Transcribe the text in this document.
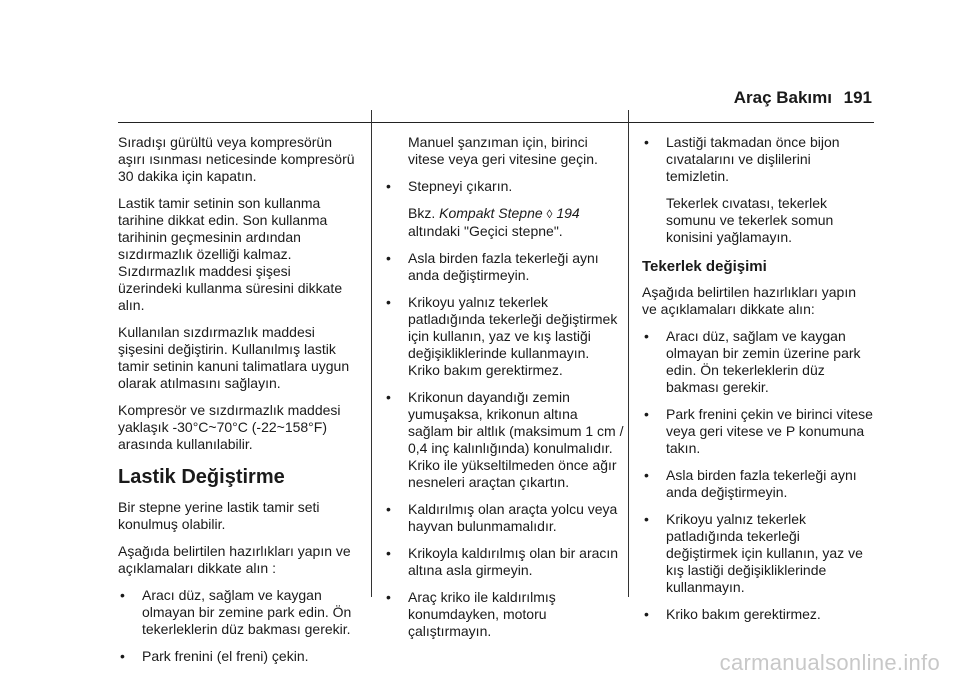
Araç Bakımı 191

Sıradışı gürültü veya kompresörün aşırı ısınması neticesinde kompresörü 30 dakika için kapatın.

Lastik tamir setinin son kullanma tarihine dikkat edin. Son kullanma tarihinin geçmesinin ardından sızdırmazlık özelliği kalmaz. Sızdırmazlık maddesi şişesi üzerindeki kullanma süresini dikkate alın.

Kullanılan sızdırmazlık maddesi şişesini değiştirin. Kullanılmış lastik tamir setinin kanuni talimatlara uygun olarak atılmasını sağlayın.

Kompresör ve sızdırmazlık maddesi yaklaşık -30°C~70°C (-22~158°F) arasında kullanılabilir.

Lastik Değiştirme

Bir stepne yerine lastik tamir seti konulmuş olabilir.

Aşağıda belirtilen hazırlıkları yapın ve açıklamaları dikkate alın :

• Aracı düz, sağlam ve kaygan olmayan bir zemine park edin. Ön tekerleklerin düz bakması gerekir.
• Park frenini (el freni) çekin.
Manuel şanzıman için, birinci vitese veya geri vitesine geçin.
• Stepneyi çıkarın.
Bkz. Kompakt Stepne ◊ 194
altındaki "Geçici stepne".
• Asla birden fazla tekerleği aynı anda değiştirmeyin.
• Krikoyu yalnız tekerlek patladığında tekerleği değiştirmek için kullanın, yaz ve kış lastiği değişikliklerinde kullanmayın. Kriko bakım gerektirmez.
• Krikonun dayandığı zemin yumuşaksa, krikonun altına sağlam bir altlık (maksimum 1 cm / 0,4 inç kalınlığında) konulmalıdır. Kriko ile yükseltilmeden önce ağır nesneleri araçtan çıkartın.
• Kaldırılmış olan araçta yolcu veya hayvan bulunmamalıdır.
• Krikoyla kaldırılmış olan bir aracın altına asla girmeyin.
• Araç kriko ile kaldırılmış konumdayken, motoru çalıştırmayın.
• Lastiği takmadan önce bijon cıvatalarını ve dişlilerini temizletin.
Tekerlek cıvatası, tekerlek somunu ve tekerlek somun konisini yağlamayın.
Tekerlek değişimi

Aşağıda belirtilen hazırlıkları yapın ve açıklamaları dikkate alın:

• Aracı düz, sağlam ve kaygan olmayan bir zemin üzerine park edin. Ön tekerleklerin düz bakması gerekir.
• Park frenini çekin ve birinci vitese veya geri vitese ve P konumuna takın.
• Asla birden fazla tekerleği aynı anda değiştirmeyin.
• Krikoyu yalnız tekerlek patladığında tekerleği değiştirmek için kullanın, yaz ve kış lastiği değişikliklerinde kullanmayın.
• Kriko bakım gerektirmez.
carmanualsonline.info
